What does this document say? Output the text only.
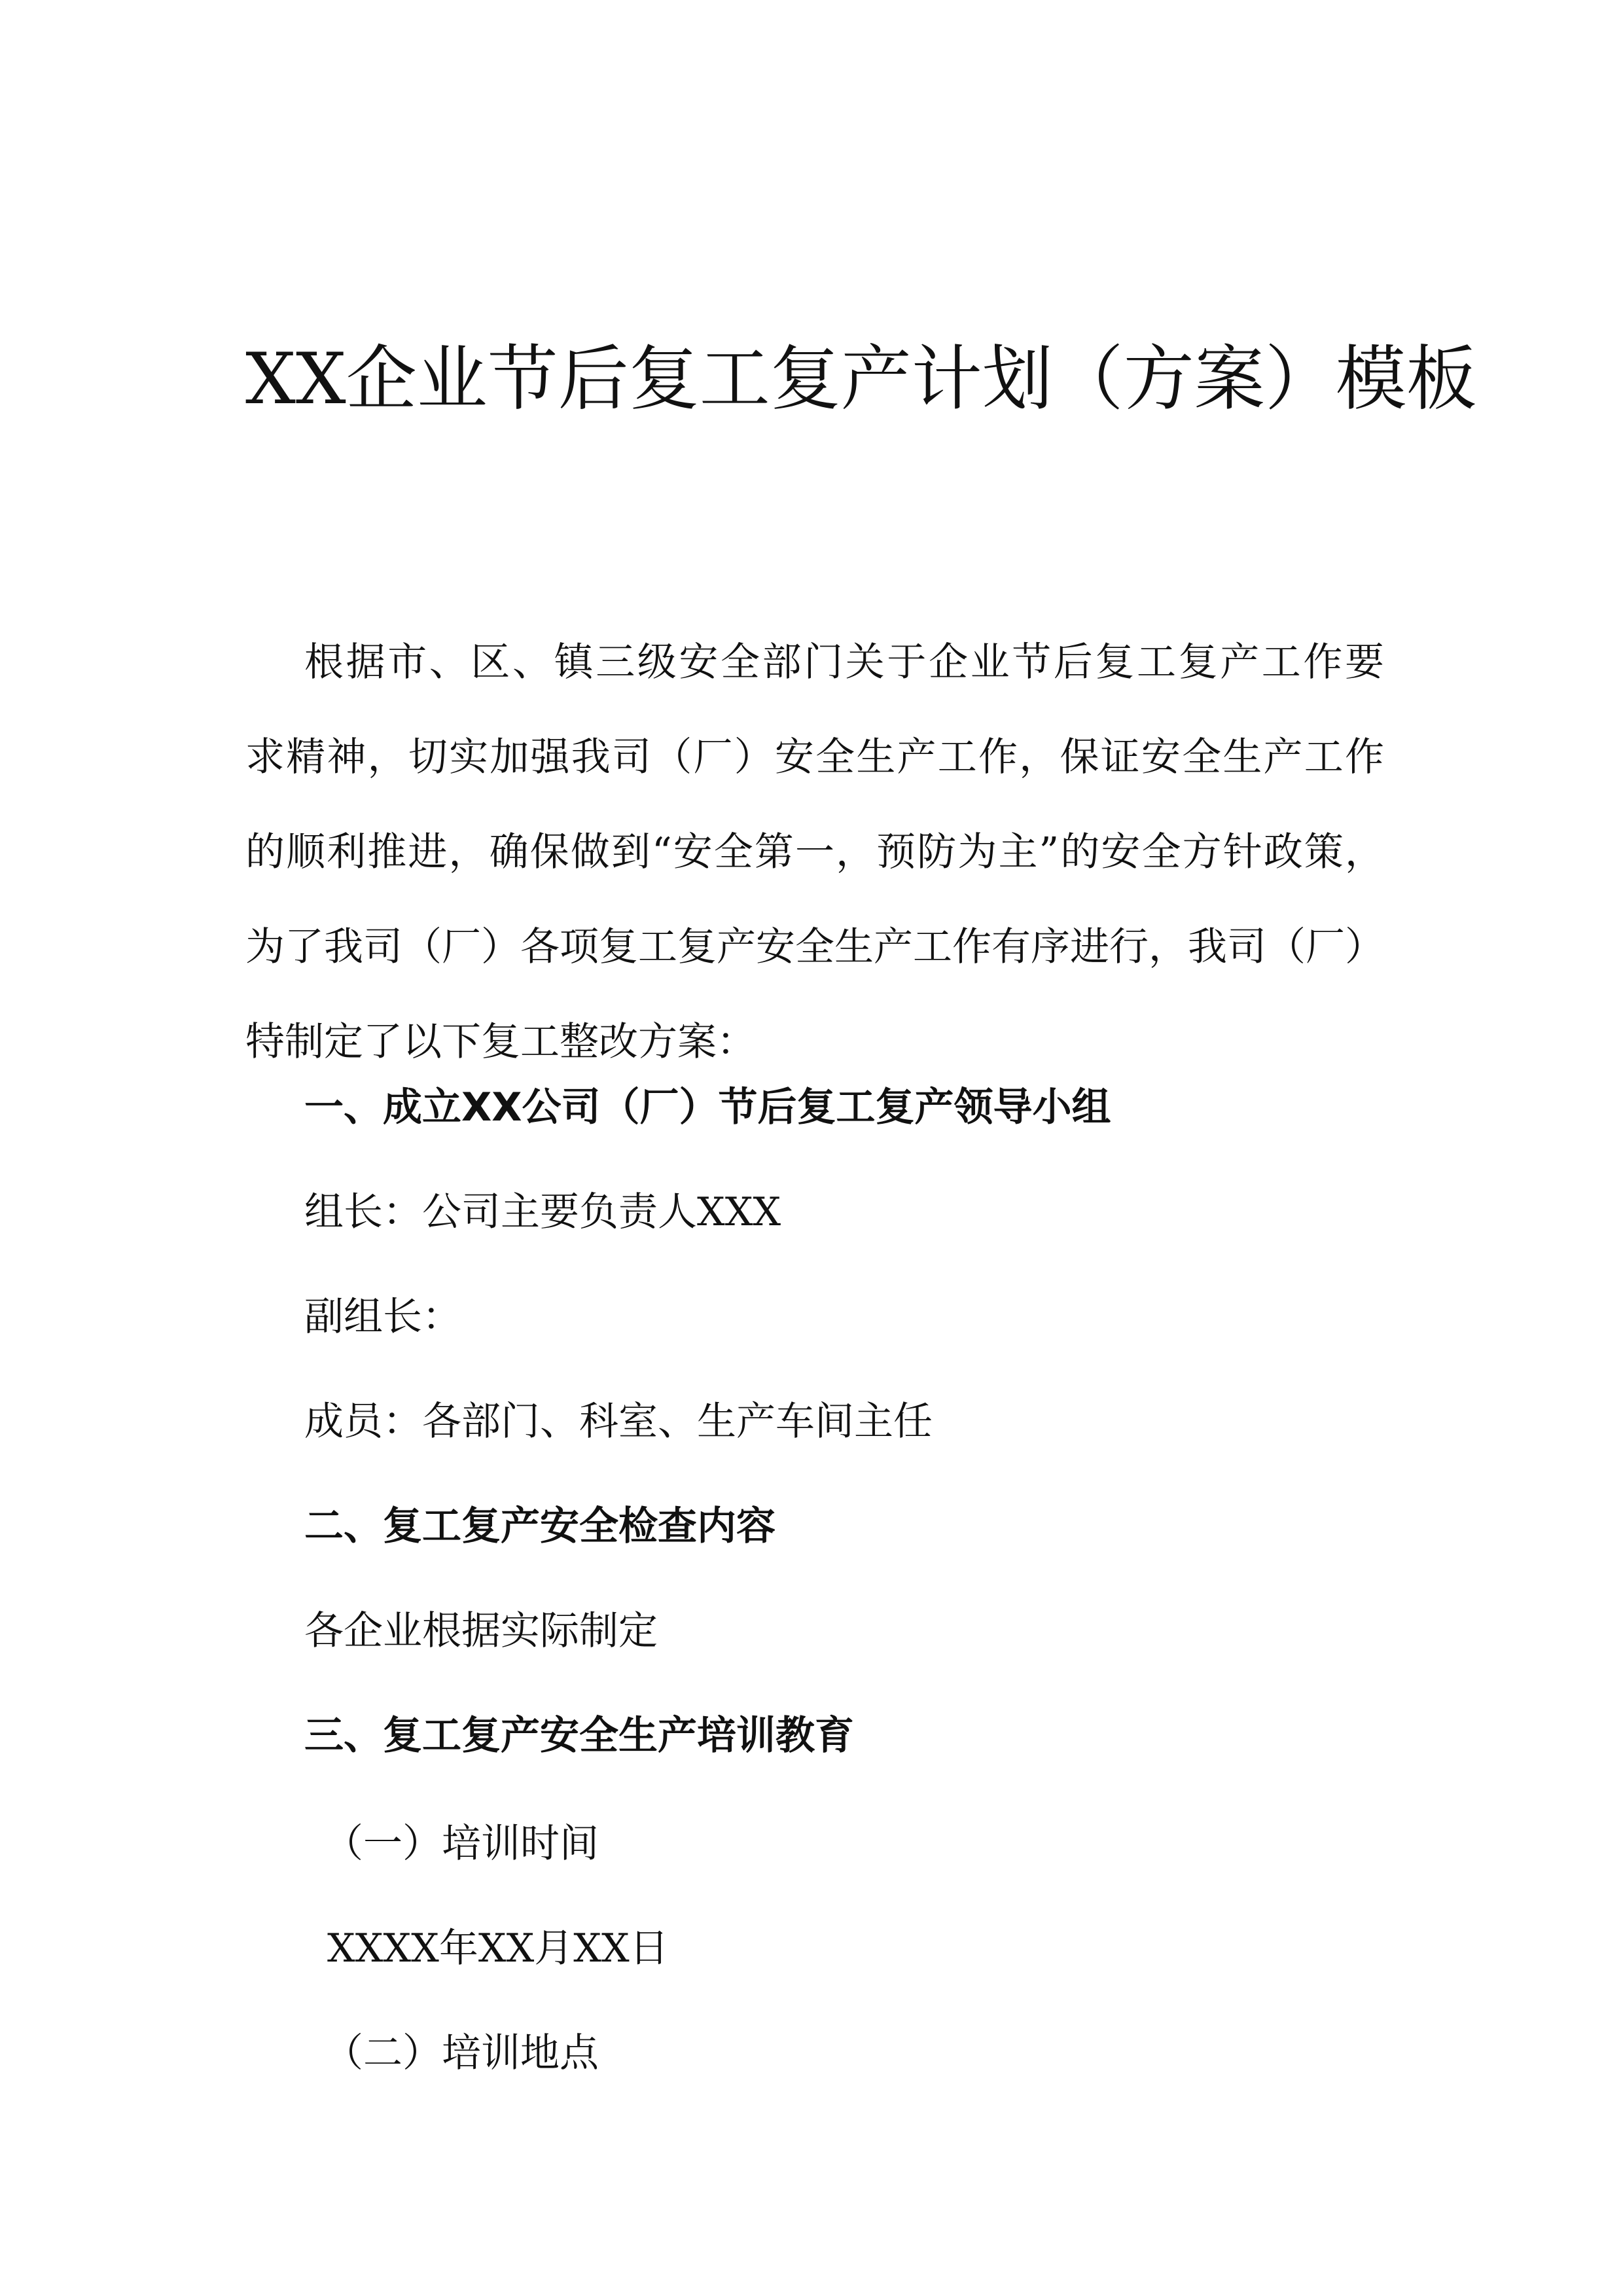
XX企业节后复工复产计划（方案）模板
根据市、区、镇三级安全部门关于企业节后复工复产工作要
求精神，切实加强我司（厂）安全生产工作，保证安全生产工作
的顺利推进，确保做到“安全第一，预防为主”的安全方针政策，
为了我司（厂）各项复工复产安全生产工作有序进行，我司（厂）
特制定了以下复工整改方案：
一、成立XX公司（厂）节后复工复产领导小组
组长：公司主要负责人XXX
副组长：
成员：各部门、科室、生产车间主任
二、复工复产安全检查内容
各企业根据实际制定
三、复工复产安全生产培训教育
（一）培训时间
XXXX年XX月XX日
（二）培训地点
